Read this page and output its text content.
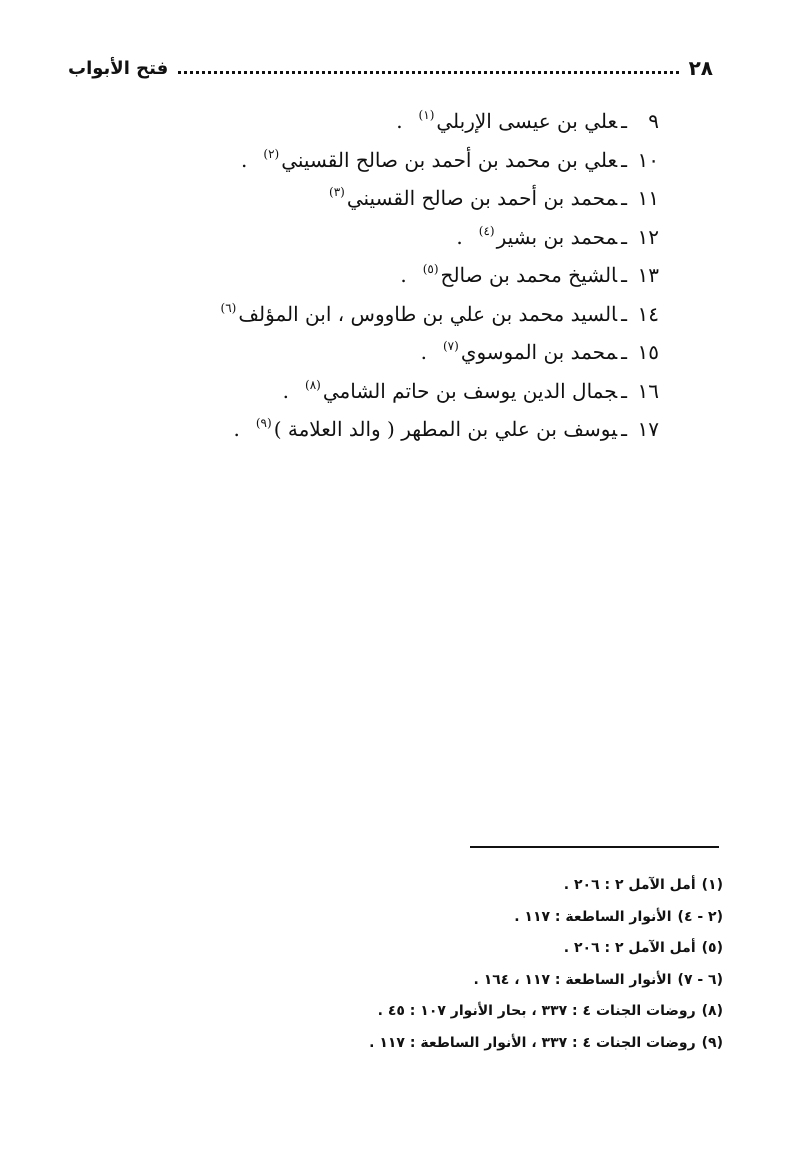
٢٨
فتح الأبواب
٩ـعلي بن عيسى الإربلي$^{(١)}$.
١٠ـعلي بن محمد بن أحمد بن صالح القسيني$^{(٢)}$.
١١ـمحمد بن أحمد بن صالح القسيني$^{(٣)}$
١٢ـمحمد بن بشير$^{(٤)}$.
١٣ـالشيخ محمد بن صالح$^{(٥)}$.
١٤ـالسيد محمد بن علي بن طاووس ، ابن المؤلف$^{(٦)}$
١٥ـمحمد بن الموسوي$^{(٧)}$.
١٦ـجمال الدين يوسف بن حاتم الشامي$^{(٨)}$.
١٧ـيوسف بن علي بن المطهر ( والد العلامة )$^{(٩)}$.
(١)أمل الآمل ٢ : ٢٠٦ .
(٢ - ٤)الأنوار الساطعة : ١١٧ .
(٥)أمل الآمل ٢ : ٢٠٦ .
(٦ - ٧)الأنوار الساطعة : ١١٧ ، ١٦٤ .
(٨)روضات الجنات ٤ : ٣٣٧ ، بحار الأنوار ١٠٧ : ٤٥ .
(٩)روضات الجنات ٤ : ٣٣٧ ، الأنوار الساطعة : ١١٧ .
